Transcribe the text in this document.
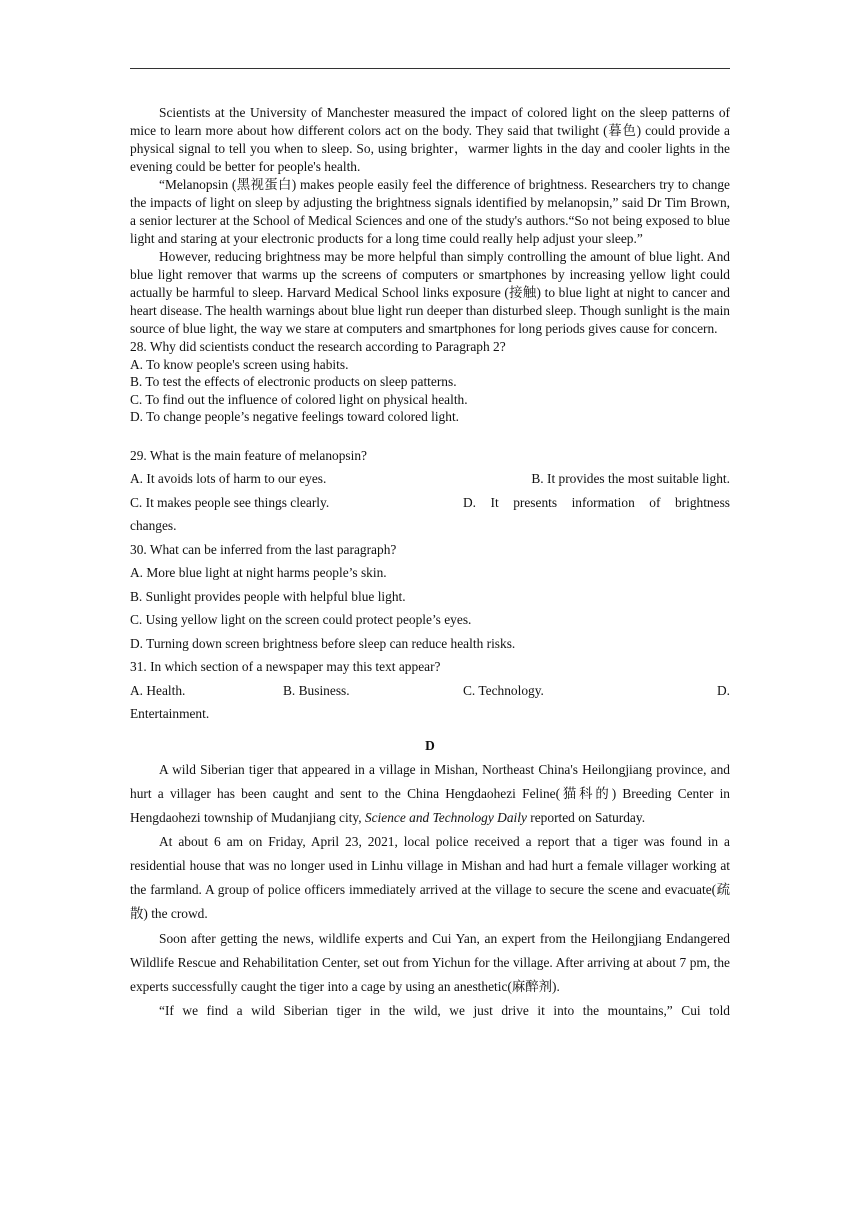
Scientists at the University of Manchester measured the impact of colored light on the sleep patterns of mice to learn more about how different colors act on the body. They said that twilight (暮色) could provide a physical signal to tell you when to sleep. So, using brighter，warmer lights in the day and cooler lights in the evening could be better for people's health.

“Melanopsin (黑视蛋白) makes people easily feel the difference of brightness. Researchers try to change the impacts of light on sleep by adjusting the brightness signals identified by melanopsin,” said Dr Tim Brown, a senior lecturer at the School of Medical Sciences and one of the study's authors.“So not being exposed to blue light and staring at your electronic products for a long time could really help adjust your sleep.”

However, reducing brightness may be more helpful than simply controlling the amount of blue light. And blue light remover that warms up the screens of computers or smartphones by increasing yellow light could actually be harmful to sleep. Harvard Medical School links exposure (接触) to blue light at night to cancer and heart disease. The health warnings about blue light run deeper than disturbed sleep. Though sunlight is the main source of blue light, the way we stare at computers and smartphones for long periods gives cause for concern.

28. Why did scientists conduct the research according to Paragraph 2?
A. To know people's screen using habits.
B. To test the effects of electronic products on sleep patterns.
C. To find out the influence of colored light on physical health.
D. To change people’s negative feelings toward colored light.
29. What is the main feature of melanopsin?
A. It avoids lots of harm to our eyes.	B. It provides the most suitable light.
C. It makes people see things clearly.	D. It presents information of brightness
changes.
30. What can be inferred from the last paragraph?
A. More blue light at night harms people’s skin.
B. Sunlight provides people with helpful blue light.
C. Using yellow light on the screen could protect people’s eyes.
D. Turning down screen brightness before sleep can reduce health risks.
31. In which section of a newspaper may this text appear?
A. Health.	B. Business.	C. Technology.	D.
Entertainment.
D

A wild Siberian tiger that appeared in a village in Mishan, Northeast China's Heilongjiang province, and hurt a villager has been caught and sent to the China Hengdaohezi Feline(猫科的) Breeding Center in Hengdaohezi township of Mudanjiang city, Science and Technology Daily reported on Saturday.

At about 6 am on Friday, April 23, 2021, local police received a report that a tiger was found in a residential house that was no longer used in Linhu village in Mishan and had hurt a female villager working at the farmland. A group of police officers immediately arrived at the village to secure the scene and evacuate(疏散) the crowd.

Soon after getting the news, wildlife experts and Cui Yan, an expert from the Heilongjiang Endangered Wildlife Rescue and Rehabilitation Center, set out from Yichun for the village. After arriving at about 7 pm, the experts successfully caught the tiger into a cage by using an anesthetic(麻醉剂).

“If we find a wild Siberian tiger in the wild, we just drive it into the mountains,” Cui told
